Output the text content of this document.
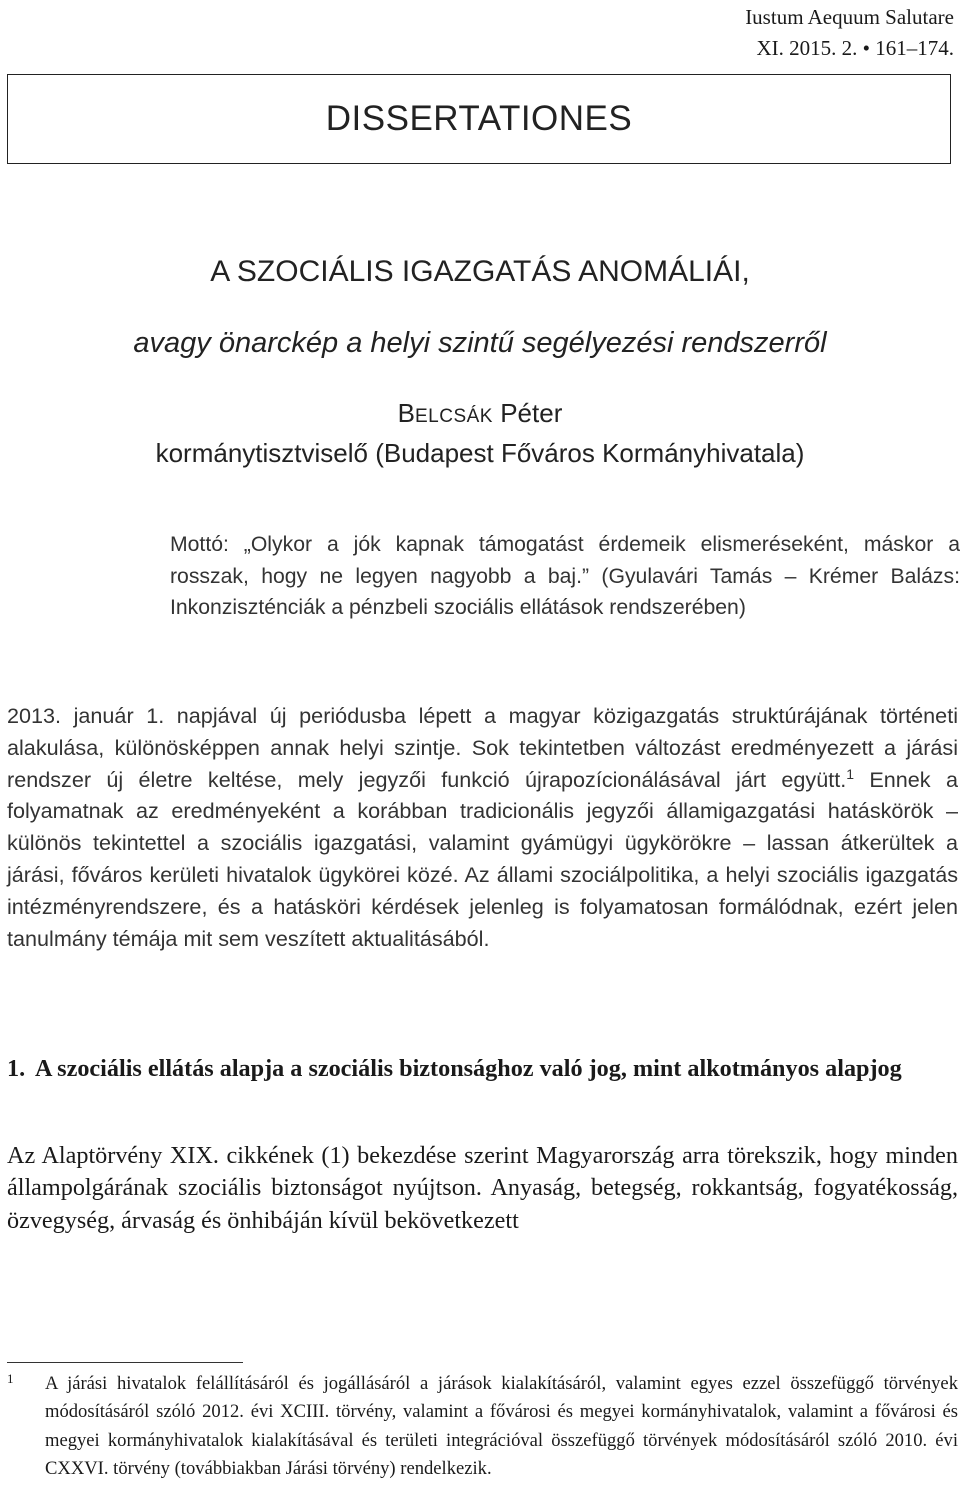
Iustum Aequum Salutare
XI. 2015. 2. • 161–174.
DISSERTATIONES
A SZOCIÁLIS IGAZGATÁS ANOMÁLIÁI,
avagy önarckép a helyi szintű segélyezési rendszerről
BELCSÁK Péter
kormánytisztviselő (Budapest Főváros Kormányhivatala)
Mottó: „Olykor a jók kapnak támogatást érdemeik elismeréseként, máskor a rosszak, hogy ne legyen nagyobb a baj.” (Gyulavári Tamás – Krémer Balázs: Inkonziszténciák a pénzbeli szociális ellátások rendszerében)
2013. január 1. napjával új periódusba lépett a magyar közigazgatás struktúrájának történeti alakulása, különösképpen annak helyi szintje. Sok tekintetben változást eredményezett a járási rendszer új életre keltése, mely jegyzői funkció újrapozícionálásával járt együtt.$^1$ Ennek a folyamatnak az eredményeként a korábban tradicionális jegyzői államigazgatási hatáskörök – különös tekintettel a szociális igazgatási, valamint gyámügyi ügykörökre – lassan átkerültek a járási, főváros kerületi hivatalok ügykörei közé. Az állami szociálpolitika, a helyi szociális igazgatás intézményrendszere, és a hatásköri kérdések jelenleg is folyamatosan formálódnak, ezért jelen tanulmány témája mit sem veszített aktualitásából.
1. A szociális ellátás alapja a szociális biztonsághoz való jog, mint alkotmányos alapjog
Az Alaptörvény XIX. cikkének (1) bekezdése szerint Magyarország arra törekszik, hogy minden állampolgárának szociális biztonságot nyújtson. Anyaság, betegség, rokkantság, fogyatékosság, özvegység, árvaság és önhibáján kívül bekövetkezett
1	A járási hivatalok felállításáról és jogállásáról a járások kialakításáról, valamint egyes ezzel összefüggő törvények módosításáról szóló 2012. évi XCIII. törvény, valamint a fővárosi és megyei kormányhivatalok, valamint a fővárosi és megyei kormányhivatalok kialakításával és területi integrációval összefüggő törvények módosításáról szóló 2010. évi CXXVI. törvény (továbbiakban Járási törvény) rendelkezik.
